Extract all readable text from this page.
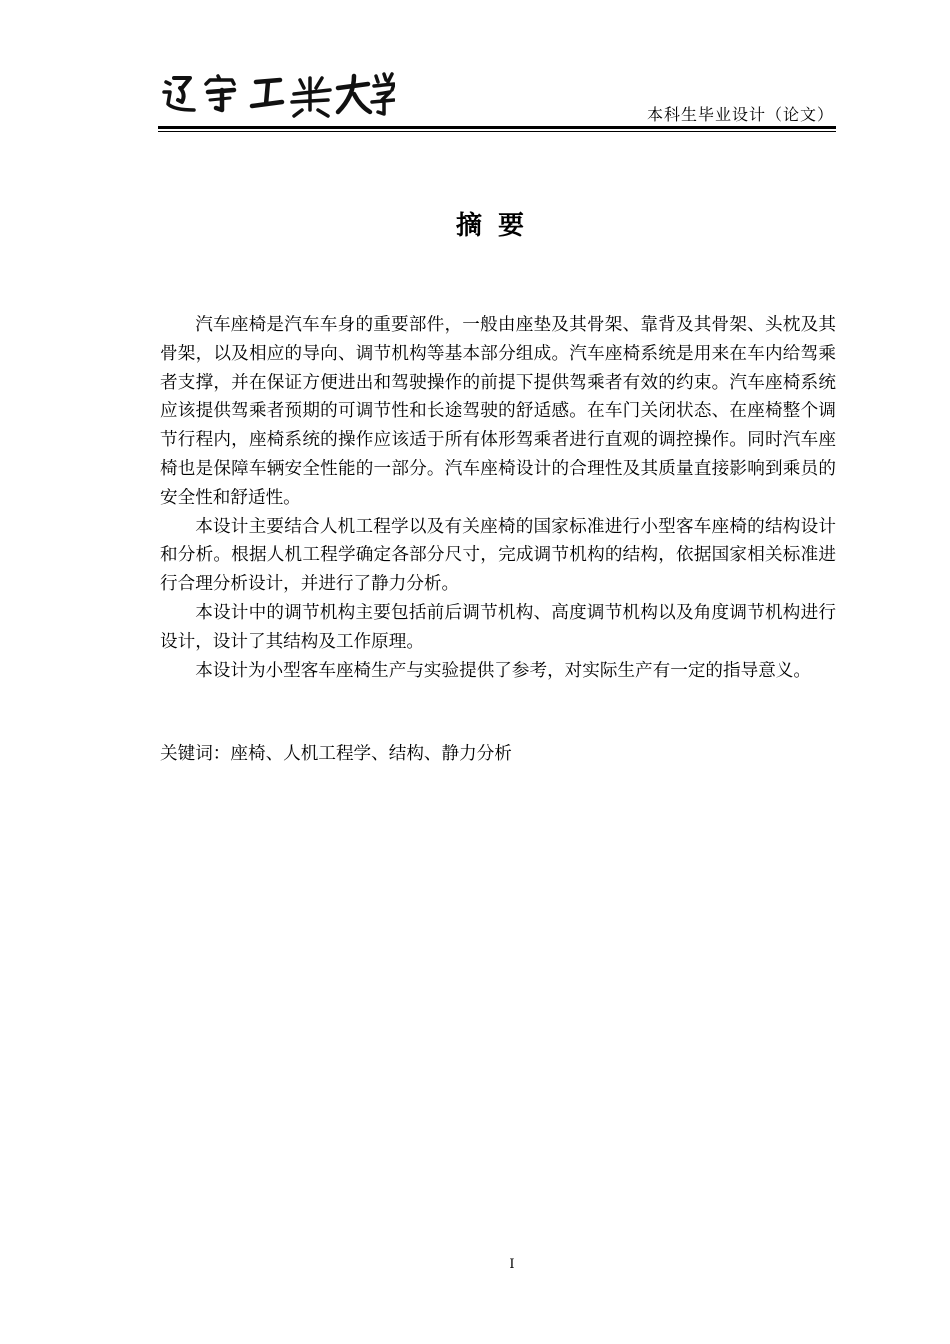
本科生毕业设计（论文）
摘要

汽车座椅是汽车车身的重要部件，一般由座垫及其骨架、靠背及其骨架、头枕及其骨架，以及相应的导向、调节机构等基本部分组成。汽车座椅系统是用来在车内给驾乘者支撑，并在保证方便进出和驾驶操作的前提下提供驾乘者有效的约束。汽车座椅系统应该提供驾乘者预期的可调节性和长途驾驶的舒适感。在车门关闭状态、在座椅整个调节行程内，座椅系统的操作应该适于所有体形驾乘者进行直观的调控操作。同时汽车座椅也是保障车辆安全性能的一部分。汽车座椅设计的合理性及其质量直接影响到乘员的安全性和舒适性。

本设计主要结合人机工程学以及有关座椅的国家标准进行小型客车座椅的结构设计和分析。根据人机工程学确定各部分尺寸，完成调节机构的结构，依据国家相关标准进行合理分析设计，并进行了静力分析。

本设计中的调节机构主要包括前后调节机构、高度调节机构以及角度调节机构进行设计，设计了其结构及工作原理。

本设计为小型客车座椅生产与实验提供了参考，对实际生产有一定的指导意义。

关键词：座椅、人机工程学、结构、静力分析
I
